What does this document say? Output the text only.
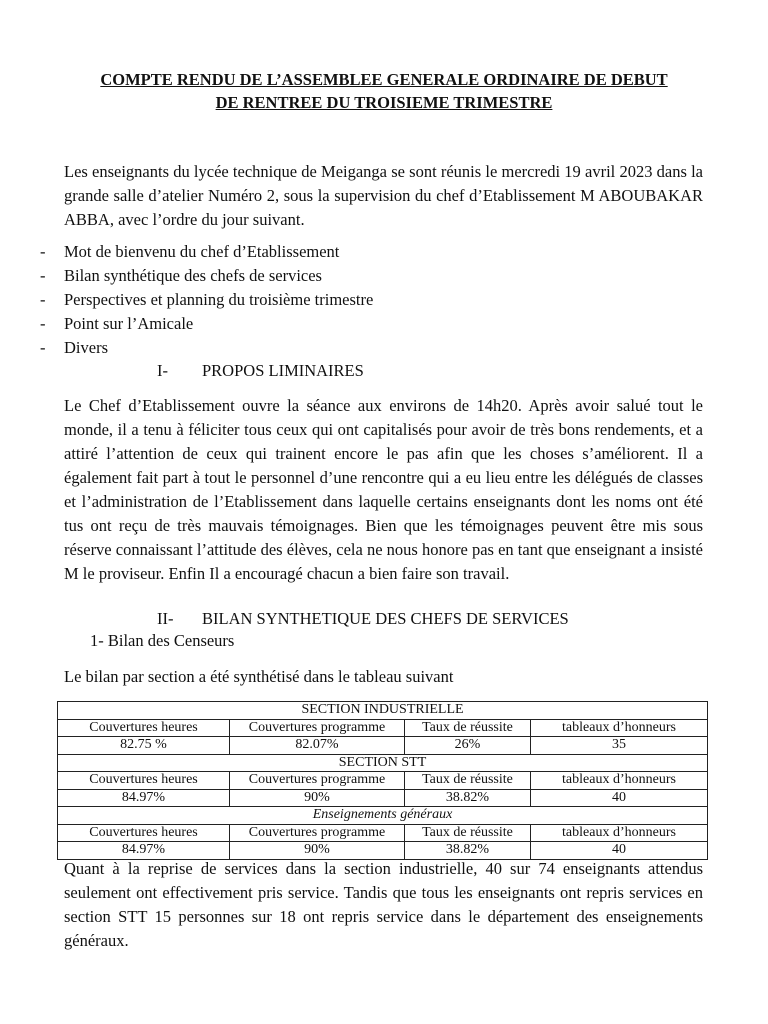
COMPTE RENDU DE L’ASSEMBLEE GENERALE ORDINAIRE DE DEBUT
DE RENTREE DU TROISIEME TRIMESTRE
Les enseignants du lycée technique de Meiganga se sont réunis le mercredi 19 avril 2023 dans la grande salle d’atelier Numéro 2, sous la supervision du chef d’Etablissement M ABOUBAKAR ABBA, avec l’ordre du jour suivant.
- Mot de bienvenu du chef d’Etablissement
- Bilan synthétique des chefs de services
- Perspectives et planning du troisième trimestre
- Point sur l’Amicale
- Divers
I- PROPOS LIMINAIRES
Le Chef d’Etablissement ouvre la séance aux environs de 14h20. Après avoir salué tout le monde, il a tenu à féliciter tous ceux qui ont capitalisés pour avoir de très bons rendements, et a attiré l’attention de ceux qui trainent encore le pas afin que les choses s’améliorent. Il a également fait part à tout le personnel d’une rencontre qui a eu lieu entre les délégués de classes et l’administration de l’Etablissement dans laquelle certains enseignants dont les noms ont été tus ont reçu de très mauvais témoignages. Bien que les témoignages peuvent être mis sous réserve connaissant l’attitude des élèves, cela ne nous honore pas en tant que enseignant a insisté M le proviseur. Enfin Il a encouragé chacun a bien faire son travail.
II- BILAN SYNTHETIQUE DES CHEFS DE SERVICES
1- Bilan des Censeurs
Le bilan par section a été synthétisé dans le tableau suivant
SECTION INDUSTRIELLE			
Couvertures heures	Couvertures programme	Taux de réussite	tableaux d’honneurs
82.75 %	82.07%	26%	35
SECTION STT			
Couvertures heures	Couvertures programme	Taux de réussite	tableaux d’honneurs
84.97%	90%	38.82%	40
Enseignements généraux			
Couvertures heures	Couvertures programme	Taux de réussite	tableaux d’honneurs
84.97%	90%	38.82%	40
Quant à la reprise de services dans la section industrielle, 40 sur 74 enseignants attendus seulement ont effectivement pris service. Tandis que tous les enseignants ont repris services en section STT 15 personnes sur 18 ont repris service dans le département des enseignements généraux.
